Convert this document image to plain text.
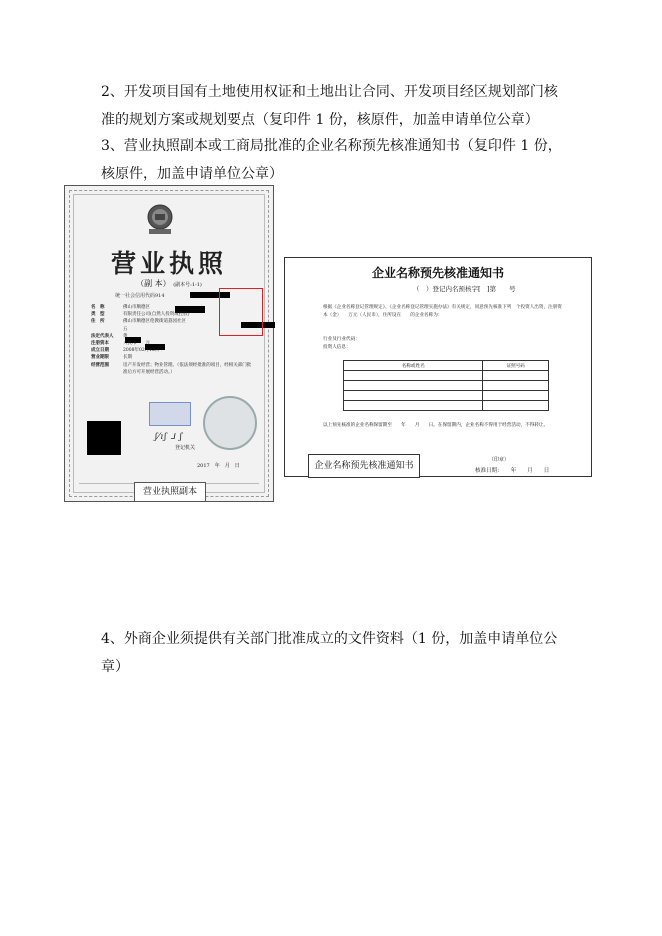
2、开发项目国有土地使用权证和土地出让合同、开发项目经区规划部门核准的规划方案或规划要点（复印件 1 份，核原件，加盖申请单位公章）
3、营业执照副本或工商局批准的企业名称预先核准通知书（复印件 1 份，核原件，加盖申请单位公章）
营业执照
（副 本） (副本号:1-1)
统一社会信用代码914
名　称	佛山市顺德区
类　型	有限责任公司(自然人投资或控股)
住　所	佛山市顺德区伦教街道荔园社区
五
法定代表人 黄
注册资本	人民币　　元
成立日期	2008年02月12日
营业期限	长期
经营范围	房产开发经营；物业管理。（依法须经批准的项目，经相关部门批
准后方可开展经营活动。）
ʃ⁄ıʃ ⅃ ʃ
登记机关
2017　年　月　日
营业执照副本
企业名称预先核准通知书
（　）登记内名预核字[　]第　　号
根据《企业名称登记管理规定》、《企业名称登记管理实施办法》有关规定，同意预先核准下列　个投资人出资，注册资本（金）　　万元（人民币），住所设在　　的企业名称为：
行业及行业代码：
投资人信息：
名称或姓名	证照号码

以上预先核准的企业名称保留期至　　年　　月　　日。在保留期内，企业名称不得用于经营活动，不得转让。
（印章）
核准日期：　　年　　月　　日
企业名称预先核准通知书
4、外商企业须提供有关部门批准成立的文件资料（1 份，加盖申请单位公章）
